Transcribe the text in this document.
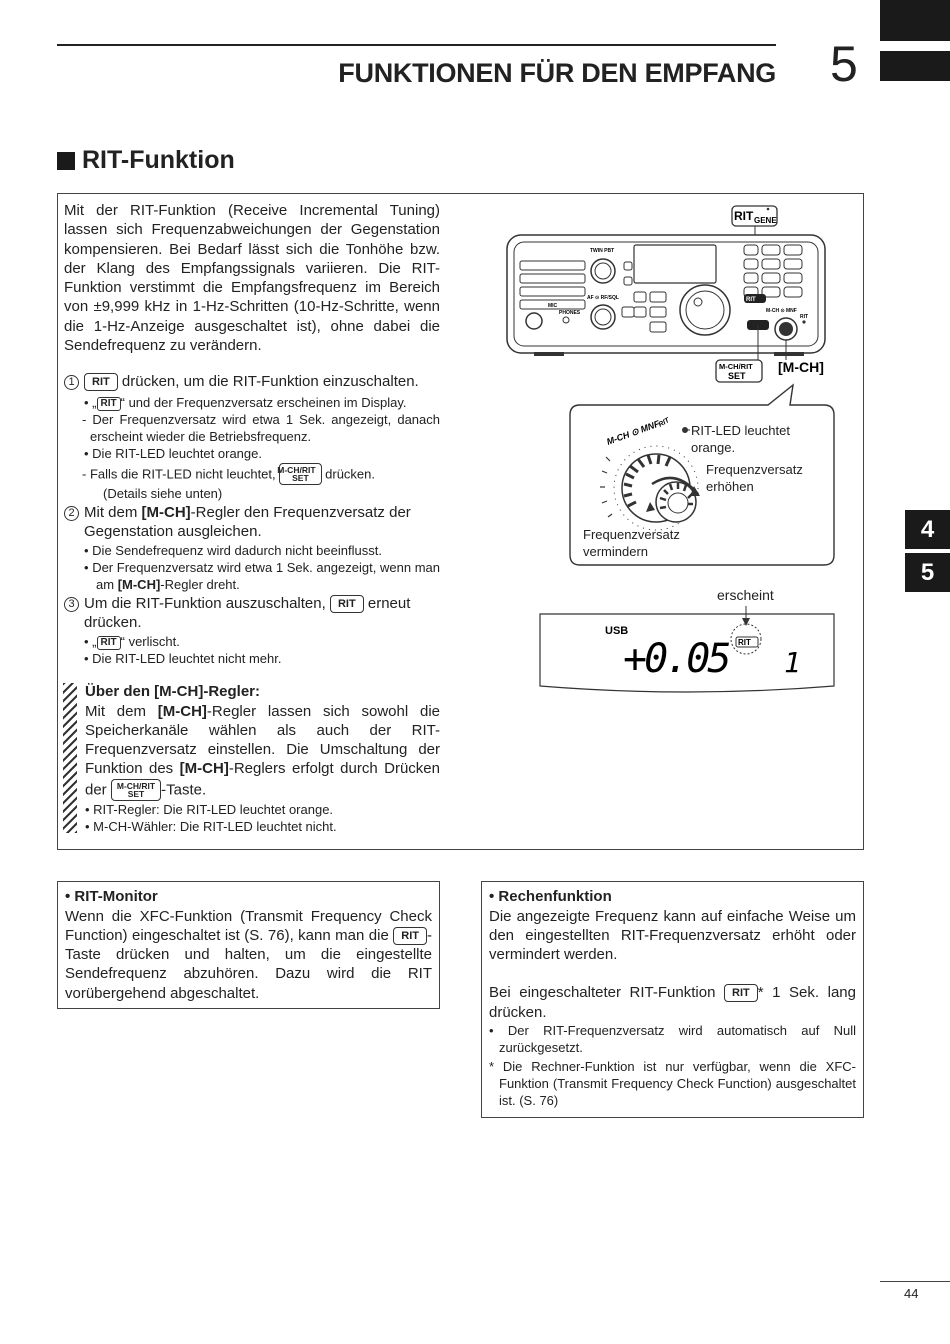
FUNKTIONEN FÜR DEN EMPFANG 5
RIT-Funktion
Mit der RIT-Funktion (Receive Incremental Tuning) lassen sich Frequenzabweichungen der Gegenstation kompensieren. Bei Bedarf lässt sich die Tonhöhe bzw. der Klang des Empfangssignals variieren. Die RIT-Funktion verstimmt die Empfangsfrequenz im Bereich von ±9,999 kHz in 1-Hz-Schritten (10-Hz-Schritte, wenn die 1-Hz-Anzeige ausgeschaltet ist), ohne dabei die Sendefrequenz zu verändern.
1 RIT drücken, um die RIT-Funktion einzuschalten.
• „ RIT “ und der Frequenzversatz erscheinen im Display.
- Der Frequenzversatz wird etwa 1 Sek. angezeigt, danach erscheint wieder die Betriebsfrequenz.
• Die RIT-LED leuchtet orange.
- Falls die RIT-LED nicht leuchtet, M-CH/RIT
SET drücken.
(Details siehe unten)
2 Mit dem [M-CH]-Regler den Frequenzversatz der Gegenstation ausgleichen.
• Die Sendefrequenz wird dadurch nicht beeinflusst.
• Der Frequenzversatz wird etwa 1 Sek. angezeigt, wenn man am [M-CH]-Regler dreht.
3 Um die RIT-Funktion auszuschalten, RIT erneut drücken.
• „ RIT “ verlischt.
• Die RIT-LED leuchtet nicht mehr.
Über den [M-CH]-Regler:
Mit dem [M-CH]-Regler lassen sich sowohl die Speicherkanäle wählen als auch der RIT-Frequenzversatz einstellen. Die Umschaltung der Funktion des [M-CH]-Reglers erfolgt durch Drücken der M-CH/RIT
SET -Taste.
• RIT-Regler: Die RIT-LED leuchtet orange.
• M-CH-Wähler: Die RIT-LED leuchtet nicht.
RIT GENE
MIC
PHONES
TWIN PBT
AF ⊙ RF/SQL	RIT
M-CH ⊙ MNF
RIT
M-CH/RIT
SET
[M-CH]
M-CH ⊙ MNF
RIT
RIT-LED leuchtet orange.
Frequenzversatz erhöhen
Frequenzversatz vermindern
erscheint
USB
+0.05 1
RIT
• RIT-Monitor
Wenn die XFC-Funktion (Transmit Frequency Check Function) eingeschaltet ist (S. 76), kann man die RIT -Taste drücken und halten, um die eingestellte Sendefrequenz abzuhören. Dazu wird die RIT vorübergehend abgeschaltet.
• Rechenfunktion
Die angezeigte Frequenz kann auf einfache Weise um den eingestellten RIT-Frequenzversatz erhöht oder vermindert werden.
Bei eingeschalteter RIT-Funktion RIT * 1 Sek. lang drücken.
• Der RIT-Frequenzversatz wird automatisch auf Null zurückgesetzt.
* Die Rechner-Funktion ist nur verfügbar, wenn die XFC-Funktion (Transmit Frequency Check Function) ausgeschaltet ist. (S. 76)
4
5
44
